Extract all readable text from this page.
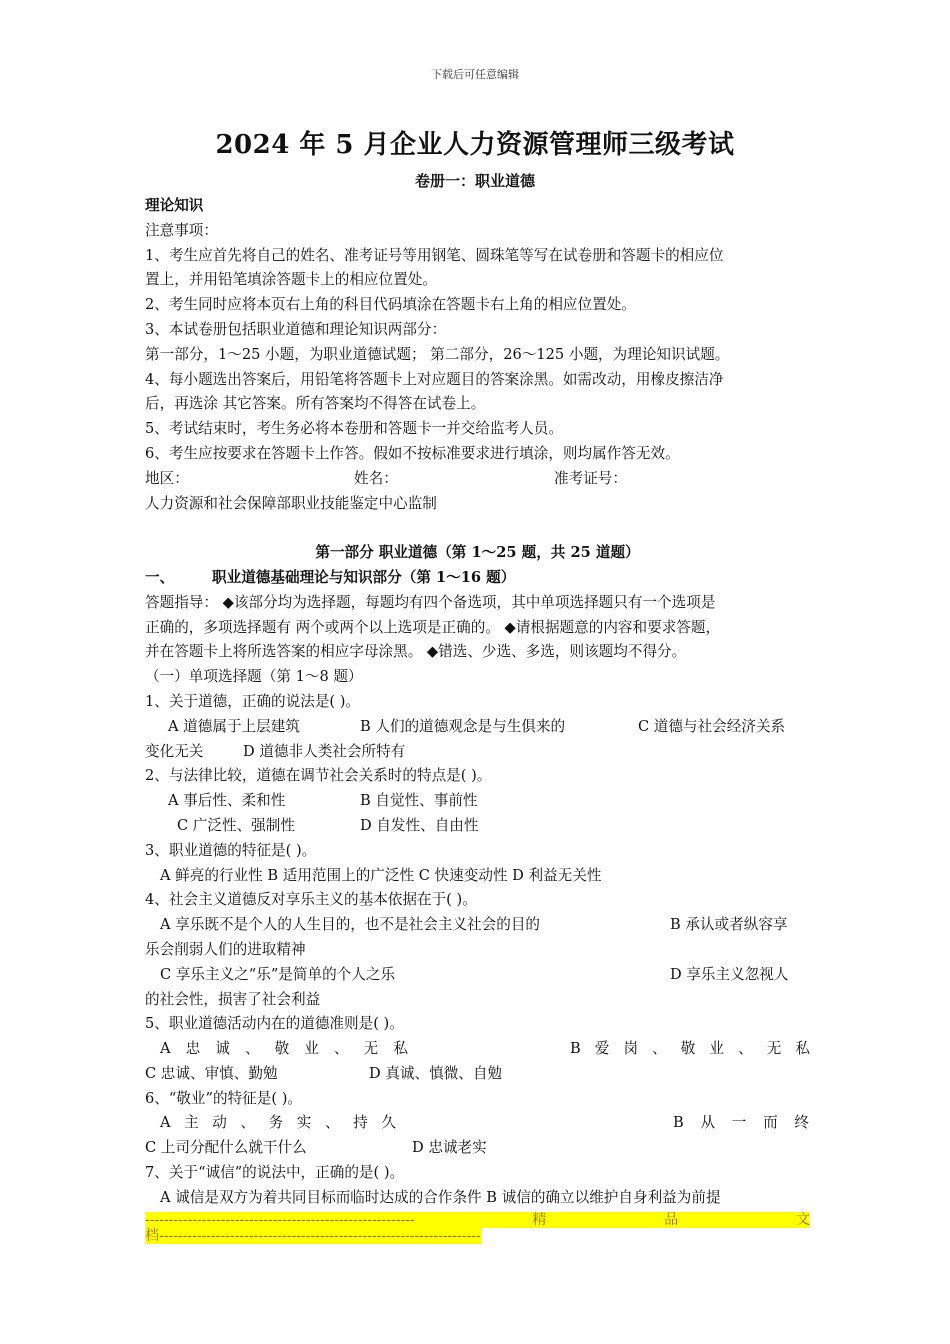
下载后可任意编辑
2024 年 5 月企业人力资源管理师三级考试
卷册一：职业道德
理论知识
注意事项：
1、考生应首先将自己的姓名、准考证号等用钢笔、圆珠笔等写在试卷册和答题卡的相应位
置上，并用铅笔填涂答题卡上的相应位置处。
2、考生同时应将本页右上角的科目代码填涂在答题卡右上角的相应位置处。
3、本试卷册包括职业道德和理论知识两部分：
第一部分，1～25 小题，为职业道德试题； 第二部分，26～125 小题，为理论知识试题。
4、每小题选出答案后，用铅笔将答题卡上对应题目的答案涂黑。如需改动，用橡皮擦洁净
后，再选涂 其它答案。所有答案均不得答在试卷上。
5、考试结束时，考生务必将本卷册和答题卡一并交给监考人员。
6、考生应按要求在答题卡上作答。假如不按标准要求进行填涂，则均属作答无效。
地区：	姓名：	准考证号：
人力资源和社会保障部职业技能鉴定中心监制
第一部分 职业道德（第 1～25 题，共 25 道题）
一、	职业道德基础理论与知识部分（第 1～16 题）
答题指导： ◆该部分均为选择题，每题均有四个备选项，其中单项选择题只有一个选项是
正确的，多项选择题有 两个或两个以上选项是正确的。 ◆请根据题意的内容和要求答题，
并在答题卡上将所选答案的相应字母涂黑。 ◆错选、少选、多选，则该题均不得分。
（一）单项选择题（第 1～8 题）
1、关于道德，正确的说法是( )。
A 道德属于上层建筑	B 人们的道德观念是与生俱来的	C 道德与社会经济关系
变化无关	D 道德非人类社会所特有
2、与法律比较，道德在调节社会关系时的特点是( )。
A 事后性、柔和性	B 自觉性、事前性
C 广泛性、强制性	D 自发性、自由性
3、职业道德的特征是( )。
A 鲜亮的行业性 B 适用范围上的广泛性 C 快速变动性 D 利益无关性
4、社会主义道德反对享乐主义的基本依据在于( )。
A 享乐既不是个人的人生目的，也不是社会主义社会的目的	B 承认或者纵容享
乐会削弱人们的进取精神
C 享乐主义之“乐”是简单的个人之乐	D 享乐主义忽视人
的社会性，损害了社会利益
5、职业道德活动内在的道德准则是( )。
A 忠 诚 、 敬 业 、 无 私	B 爱 岗 、 敬 业 、 无 私
C 忠诚、审慎、勤勉	D 真诚、慎微、自勉
6、“敬业”的特征是( )。
A 主 动 、 务 实 、 持 久	B 从 一 而 终
C 上司分配什么就干什么	D 忠诚老实
7、关于“诚信”的说法中，正确的是( )。
A 诚信是双方为着共同目标而临时达成的合作条件 B 诚信的确立以维护自身利益为前提
---------------------------------------------------------	精	品	文
档--------------------------------------------------------------------
